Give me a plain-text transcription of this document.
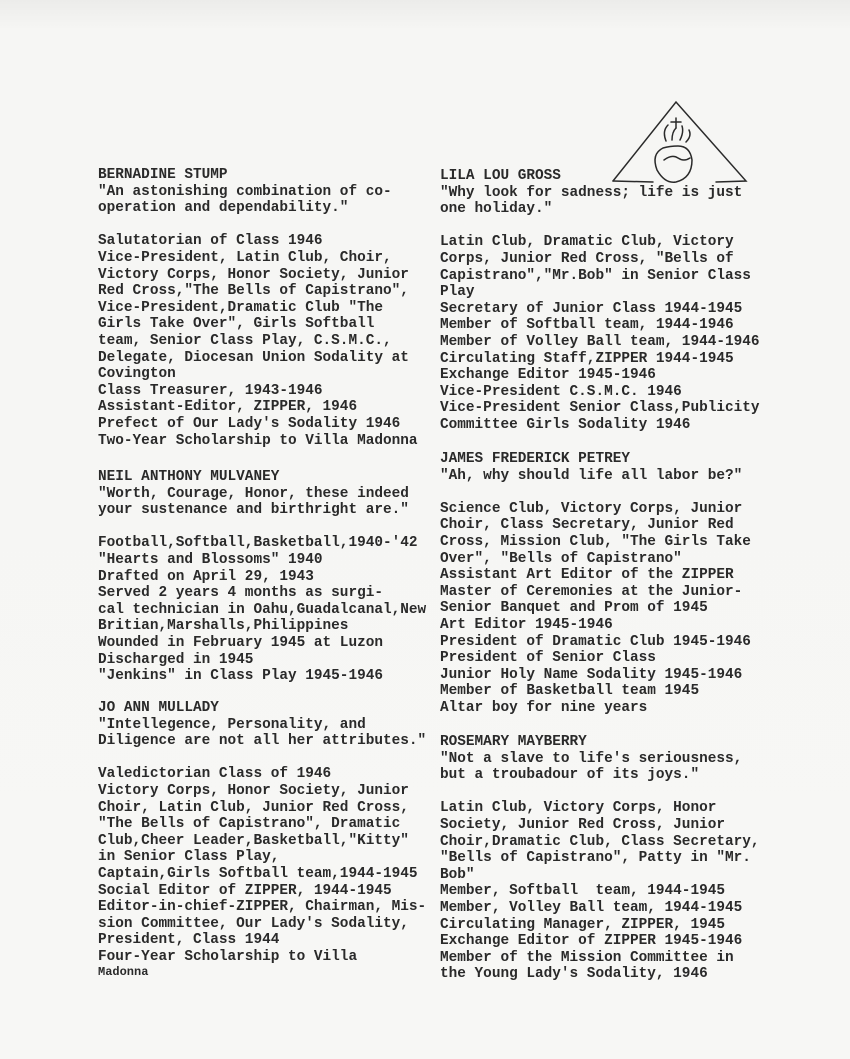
BERNADINE STUMP
"An astonishing combination of co-
operation and dependability."
Salutatorian of Class 1946
Vice-President, Latin Club, Choir,
Victory Corps, Honor Society, Junior
Red Cross,"The Bells of Capistrano",
Vice-President,Dramatic Club "The
Girls Take Over", Girls Softball
team, Senior Class Play, C.S.M.C.,
Delegate, Diocesan Union Sodality at
Covington
Class Treasurer, 1943-1946
Assistant-Editor, ZIPPER, 1946
Prefect of Our Lady's Sodality 1946
Two-Year Scholarship to Villa Madonna
NEIL ANTHONY MULVANEY
"Worth, Courage, Honor, these indeed
your sustenance and birthright are."
Football,Softball,Basketball,1940-'42
"Hearts and Blossoms" 1940
Drafted on April 29, 1943
Served 2 years 4 months as surgi-
cal technician in Oahu,Guadalcanal,New
Britian,Marshalls,Philippines
Wounded in February 1945 at Luzon
Discharged in 1945
"Jenkins" in Class Play 1945-1946
JO ANN MULLADY
"Intellegence, Personality, and
Diligence are not all her attributes."
Valedictorian Class of 1946
Victory Corps, Honor Society, Junior
Choir, Latin Club, Junior Red Cross,
"The Bells of Capistrano", Dramatic
Club,Cheer Leader,Basketball,"Kitty"
in Senior Class Play,
Captain,Girls Softball team,1944-1945
Social Editor of ZIPPER, 1944-1945
Editor-in-chief-ZIPPER, Chairman, Mis-
sion Committee, Our Lady's Sodality,
President, Class 1944
Four-Year Scholarship to Villa
Madonna
LILA LOU GROSS
"Why look for sadness; life is just
one holiday."
Latin Club, Dramatic Club, Victory
Corps, Junior Red Cross, "Bells of
Capistrano","Mr.Bob" in Senior Class
Play
Secretary of Junior Class 1944-1945
Member of Softball team, 1944-1946
Member of Volley Ball team, 1944-1946
Circulating Staff,ZIPPER 1944-1945
Exchange Editor 1945-1946
Vice-President C.S.M.C. 1946
Vice-President Senior Class,Publicity
Committee Girls Sodality 1946
JAMES FREDERICK PETREY
"Ah, why should life all labor be?"
Science Club, Victory Corps, Junior
Choir, Class Secretary, Junior Red
Cross, Mission Club, "The Girls Take
Over", "Bells of Capistrano"
Assistant Art Editor of the ZIPPER
Master of Ceremonies at the Junior-
Senior Banquet and Prom of 1945
Art Editor 1945-1946
President of Dramatic Club 1945-1946
President of Senior Class
Junior Holy Name Sodality 1945-1946
Member of Basketball team 1945
Altar boy for nine years
ROSEMARY MAYBERRY
"Not a slave to life's seriousness,
but a troubadour of its joys."
Latin Club, Victory Corps, Honor
Society, Junior Red Cross, Junior
Choir,Dramatic Club, Class Secretary,
"Bells of Capistrano", Patty in "Mr.
Bob"
Member, Softball  team, 1944-1945
Member, Volley Ball team, 1944-1945
Circulating Manager, ZIPPER, 1945
Exchange Editor of ZIPPER 1945-1946
Member of the Mission Committee in
the Young Lady's Sodality, 1946
